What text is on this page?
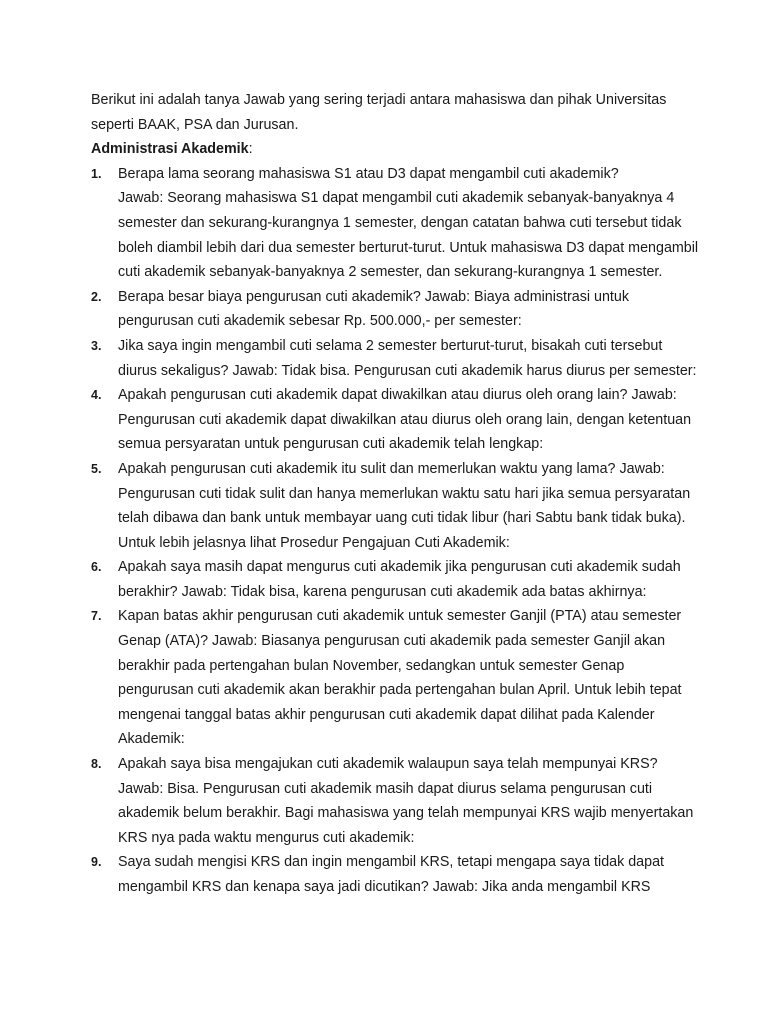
Berikut ini adalah tanya Jawab yang sering terjadi antara mahasiswa dan pihak Universitas
seperti BAAK, PSA dan Jurusan.

Administrasi Akademik:

1. Berapa lama seorang mahasiswa S1 atau D3 dapat mengambil cuti akademik?
Jawab: Seorang mahasiswa S1 dapat mengambil cuti akademik sebanyak-banyaknya 4
semester dan sekurang-kurangnya 1 semester, dengan catatan bahwa cuti tersebut tidak
boleh diambil lebih dari dua semester berturut-turut. Untuk mahasiswa D3 dapat mengambil
cuti akademik sebanyak-banyaknya 2 semester, dan sekurang-kurangnya 1 semester.
2. Berapa besar biaya pengurusan cuti akademik? Jawab: Biaya administrasi untuk
pengurusan cuti akademik sebesar Rp. 500.000,- per semester:
3. Jika saya ingin mengambil cuti selama 2 semester berturut-turut, bisakah cuti tersebut
diurus sekaligus? Jawab: Tidak bisa. Pengurusan cuti akademik harus diurus per semester:
4. Apakah pengurusan cuti akademik dapat diwakilkan atau diurus oleh orang lain? Jawab:
Pengurusan cuti akademik dapat diwakilkan atau diurus oleh orang lain, dengan ketentuan
semua persyaratan untuk pengurusan cuti akademik telah lengkap:
5. Apakah pengurusan cuti akademik itu sulit dan memerlukan waktu yang lama? Jawab:
Pengurusan cuti tidak sulit dan hanya memerlukan waktu satu hari jika semua persyaratan
telah dibawa dan bank untuk membayar uang cuti tidak libur (hari Sabtu bank tidak buka).
Untuk lebih jelasnya lihat Prosedur Pengajuan Cuti Akademik:
6. Apakah saya masih dapat mengurus cuti akademik jika pengurusan cuti akademik sudah
berakhir? Jawab: Tidak bisa, karena pengurusan cuti akademik ada batas akhirnya:
7. Kapan batas akhir pengurusan cuti akademik untuk semester Ganjil (PTA) atau semester
Genap (ATA)? Jawab: Biasanya pengurusan cuti akademik pada semester Ganjil akan
berakhir pada pertengahan bulan November, sedangkan untuk semester Genap
pengurusan cuti akademik akan berakhir pada pertengahan bulan April. Untuk lebih tepat
mengenai tanggal batas akhir pengurusan cuti akademik dapat dilihat pada Kalender
Akademik:
8. Apakah saya bisa mengajukan cuti akademik walaupun saya telah mempunyai KRS?
Jawab: Bisa. Pengurusan cuti akademik masih dapat diurus selama pengurusan cuti
akademik belum berakhir. Bagi mahasiswa yang telah mempunyai KRS wajib menyertakan
KRS nya pada waktu mengurus cuti akademik:
9. Saya sudah mengisi KRS dan ingin mengambil KRS, tetapi mengapa saya tidak dapat
mengambil KRS dan kenapa saya jadi dicutikan? Jawab: Jika anda mengambil KRS
